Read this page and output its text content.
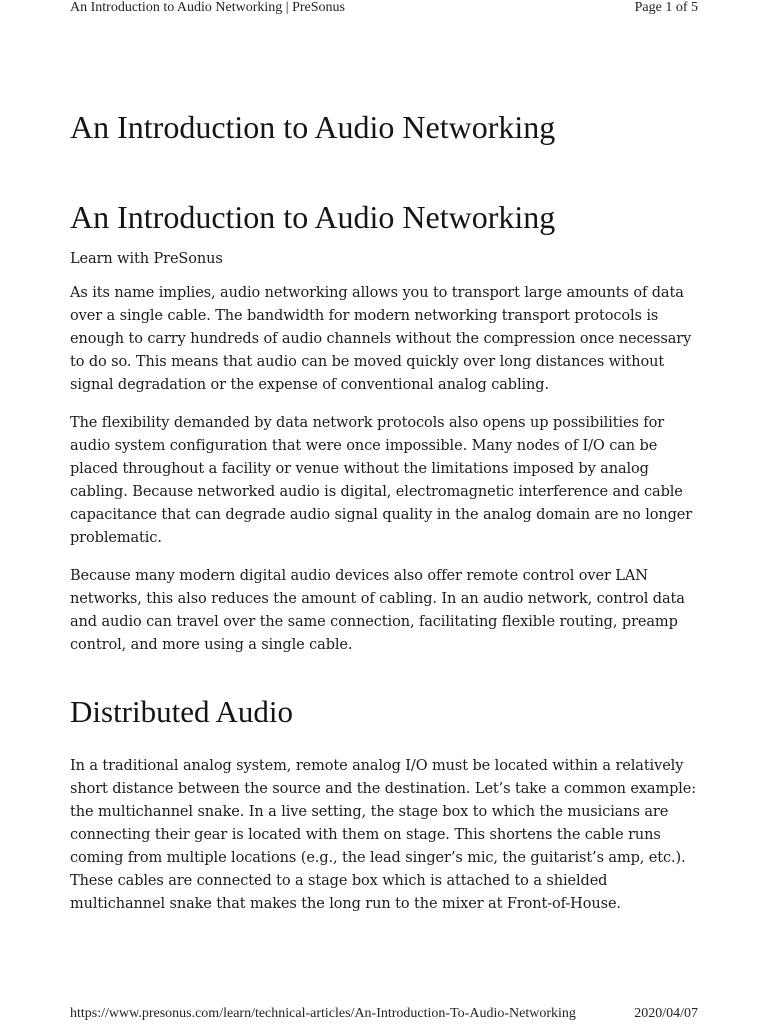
An Introduction to Audio Networking | PreSonus	Page 1 of 5
An Introduction to Audio Networking
An Introduction to Audio Networking

Learn with PreSonus

As its name implies, audio networking allows you to transport large amounts of data over a single cable. The bandwidth for modern networking transport protocols is enough to carry hundreds of audio channels without the compression once necessary to do so. This means that audio can be moved quickly over long distances without signal degradation or the expense of conventional analog cabling.

The flexibility demanded by data network protocols also opens up possibilities for audio system configuration that were once impossible. Many nodes of I/O can be placed throughout a facility or venue without the limitations imposed by analog cabling. Because networked audio is digital, electromagnetic interference and cable capacitance that can degrade audio signal quality in the analog domain are no longer problematic.

Because many modern digital audio devices also offer remote control over LAN networks, this also reduces the amount of cabling. In an audio network, control data and audio can travel over the same connection, facilitating flexible routing, preamp control, and more using a single cable.

Distributed Audio

In a traditional analog system, remote analog I/O must be located within a relatively short distance between the source and the destination. Let’s take a common example: the multichannel snake. In a live setting, the stage box to which the musicians are connecting their gear is located with them on stage. This shortens the cable runs coming from multiple locations (e.g., the lead singer’s mic, the guitarist’s amp, etc.). These cables are connected to a stage box which is attached to a shielded multichannel snake that makes the long run to the mixer at Front-of-House.

https://www.presonus.com/learn/technical-articles/An-Introduction-To-Audio-Networking	2020/04/07
